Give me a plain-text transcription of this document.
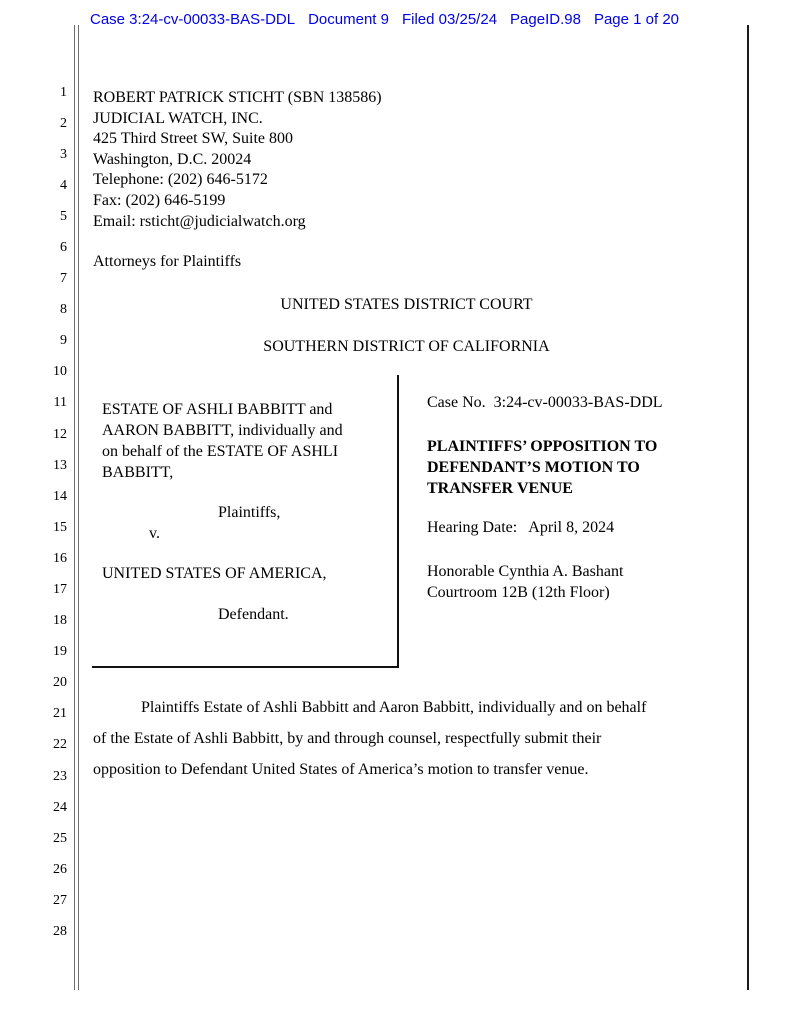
Case 3:24-cv-00033-BAS-DDL Document 9 Filed 03/25/24 PageID.98 Page 1 of 20
1
2
3
4
5
6
7
8
9
10
11
12
13
14
15
16
17
18
19
20
21
22
23
24
25
26
27
28
ROBERT PATRICK STICHT (SBN 138586)
JUDICIAL WATCH, INC.
425 Third Street SW, Suite 800
Washington, D.C. 20024
Telephone: (202) 646-5172
Fax: (202) 646-5199
Email: rsticht@judicialwatch.org
Attorneys for Plaintiffs
UNITED STATES DISTRICT COURT
SOUTHERN DISTRICT OF CALIFORNIA
ESTATE OF ASHLI BABBITT and
AARON BABBITT, individually and
on behalf of the ESTATE OF ASHLI
BABBITT,
Plaintiffs,
v.
UNITED STATES OF AMERICA,
Defendant.
Case No.  3:24-cv-00033-BAS-DDL
PLAINTIFFS’ OPPOSITION TO
DEFENDANT’S MOTION TO
TRANSFER VENUE
Hearing Date:   April 8, 2024
Honorable Cynthia A. Bashant
Courtroom 12B (12th Floor)
Plaintiffs Estate of Ashli Babbitt and Aaron Babbitt, individually and on behalf
of the Estate of Ashli Babbitt, by and through counsel, respectfully submit their
opposition to Defendant United States of America’s motion to transfer venue.
